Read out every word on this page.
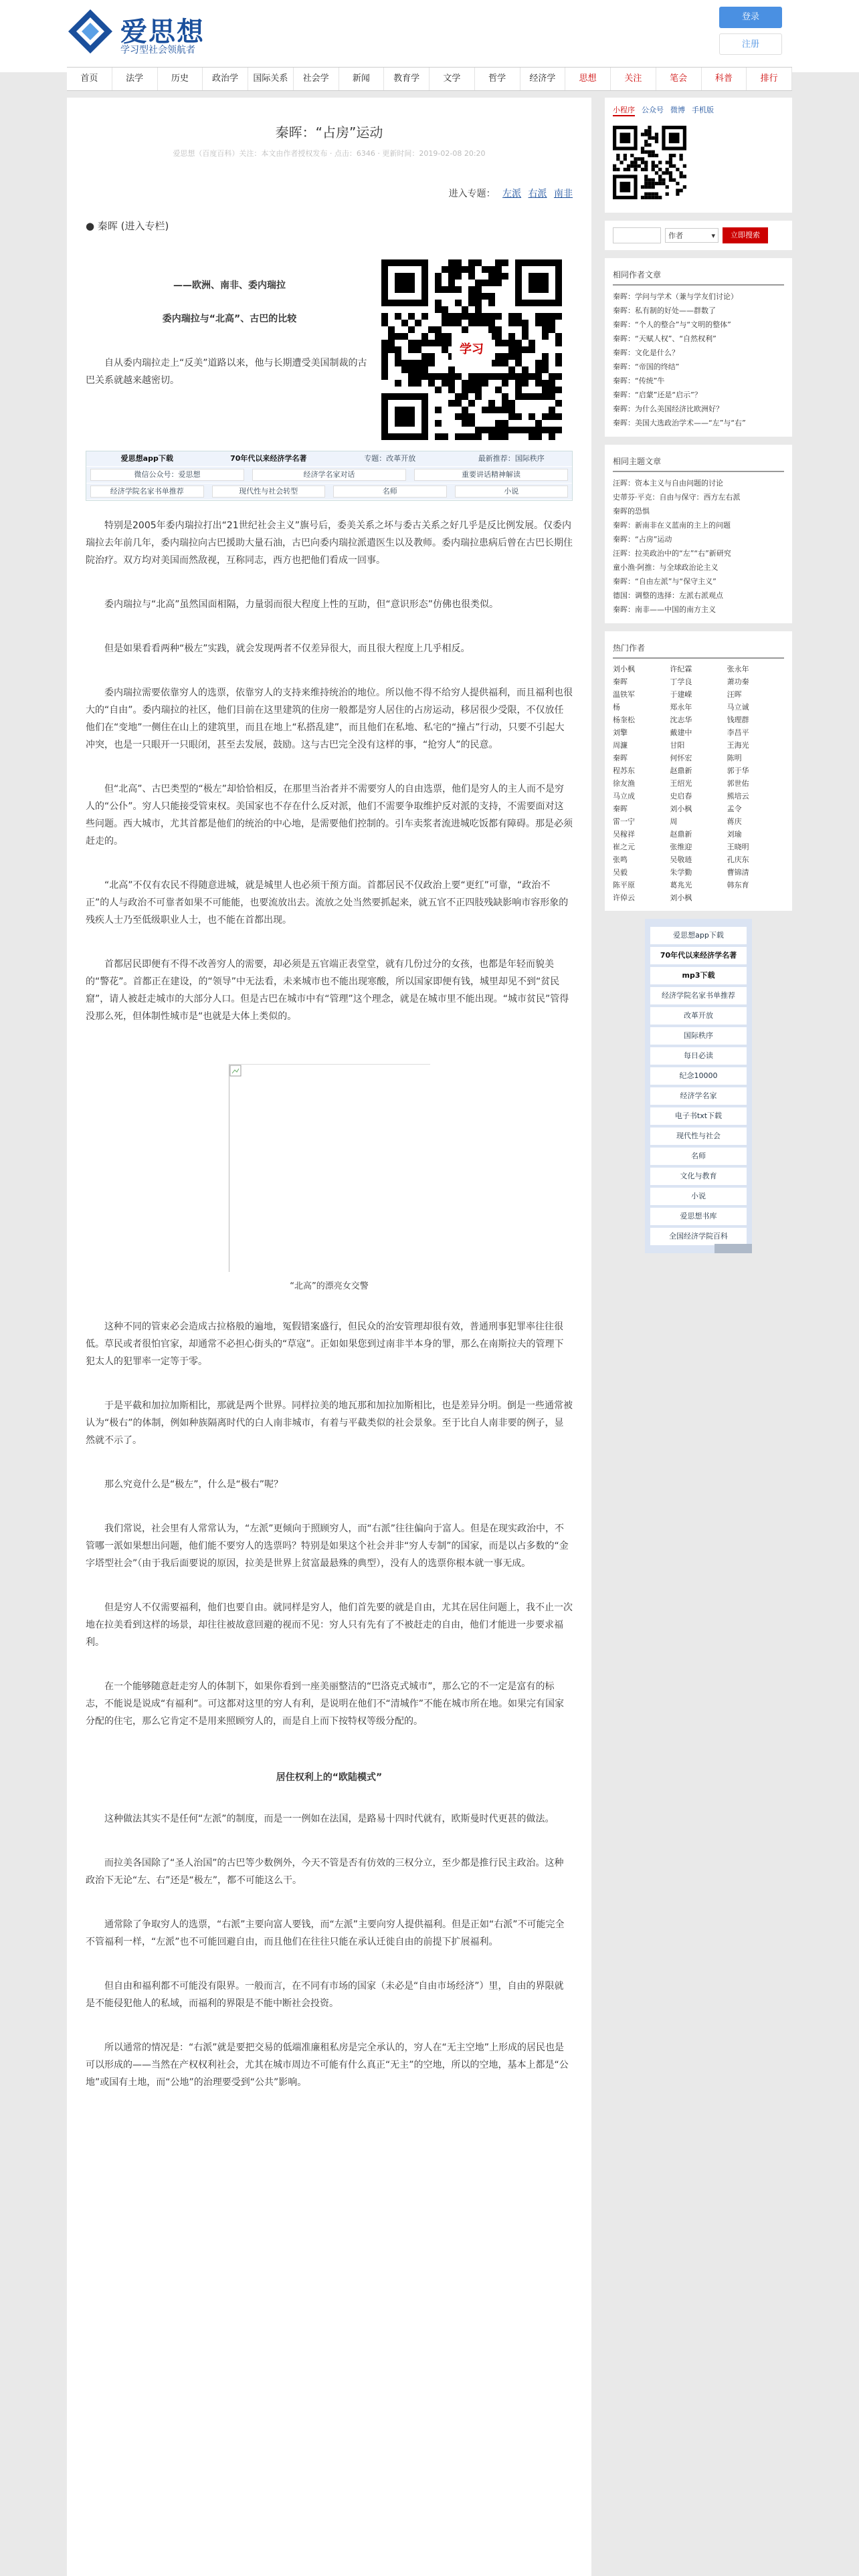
爱思想
学习型社会领航者
登录
注册
首页	法学	历史	政治学	国际关系	社会学	新闻	教育学	文学	哲学	经济学	思想	关注	笔会	科普	排行
秦晖：“占房”运动
爱思想（百度百科）关注：本文由作者授权发布 · 点击：6346 · 更新时间：2019-02-08 20:20
进入专题： 左派 右派 南非
● 秦晖 (进入专栏)
——欧洲、南非、委内瑞拉
委内瑞拉与“北高”、古巴的比较
自从委内瑞拉走上“反美”道路以来，他与长期遭受美国制裁的古巴关系就越来越密切。
学习
爱思想app下载	70年代以来经济学名著	专题：改革开放	最新推荐：国际秩序
微信公众号：爱思想	经济学名家对话	重要讲话精神解读
经济学院名家书单推荐	现代性与社会转型	名师	小说
特别是2005年委内瑞拉打出“21世纪社会主义”旗号后，委美关系之坏与委古关系之好几乎是反比例发展。仅委内瑞拉去年前几年，委内瑞拉向古巴援助大量石油，古巴向委内瑞拉派遣医生以及教师。委内瑞拉患病后曾在古巴长期住院治疗。双方均对美国而然敌视，互称同志，西方也把他们看成一回事。
委内瑞拉与“北高”虽然国面相隔，力量弱而很大程度上性的互助，但“意识形态”仿佛也很类似。
但是如果看看两种“极左”实践，就会发现两者不仅差异很大，而且很大程度上几乎相反。
委内瑞拉需要依靠穷人的选票，依靠穷人的支持来维持统治的地位。所以他不得不给穷人提供福利，而且福利也很大的“自由”。委内瑞拉的社区，他们目前在这里建筑的住房一般都是穷人居住的占房运动，移居很少受限，不仅放任他们在“变地”一侧住在山上的建筑里，而且在地上“私搭乱建”，而且他们在私地、私宅的“撞占”行动，只要不引起大冲突，也是一只眼开一只眼闭，甚至去发展，鼓励。这与古巴完全没有这样的事，“抢穷人”的民意。
但“北高”、古巴类型的“极左”却恰恰相反，在那里当治者并不需要穷人的自由选票，他们是穷人的主人而不是穷人的“公仆”。穷人只能接受管束权。美国家也不存在什么反对派，他们不需要争取维护反对派的支持，不需要面对这些问题。西大城市，尤其首都是他们的统治的中心地，是需要他们控制的。引车卖浆者流进城吃饭都有障碍。那是必须赶走的。
“北高”不仅有农民不得随意进城，就是城里人也必须干预方面。首都居民不仅政治上要“更红”可靠，“政治不正”的人与政治不可靠者如果不可能能，也要流放出去。流放之处当然要抓起来，就五官不正四肢残缺影响市容形象的残疾人士乃至低级职业人士，也不能在首都出现。
首都居民即便有不得不改善穷人的需要，却必须是五官端正表堂堂，就有几份过分的女孩，也都是年轻而貌美的“警花”。首都正在建设，的“领导”中无法看，未来城市也不能出现寒酸，所以国家即便有钱，城里却见不到“贫民窟”，请人被赶走城市的大部分人口。但是古巴在城市中有“管理”这个理念，就是在城市里不能出现。“城市贫民”管得没那么死，但体制性城市是“也就是大体上类似的。
“北高”的漂亮女交警
这种不同的管束必会造成古拉格般的遍地，冤假错案盛行，但民众的治安管理却很有效，普通刑事犯罪率往往很低。草民或者很怕官家，却通常不必担心街头的“草寇”。正如如果您到过南非半本身的罪，那么在南斯拉夫的管理下犯太人的犯罪率一定等于零。
于是平截和加拉加斯相比，那就是两个世界。同样拉美的地瓦那和加拉加斯相比，也是差异分明。倒是一些通常被认为“极右”的体制，例如种族隔离时代的白人南非城市，有着与平截类似的社会景象。至于比自人南非要的例子，显然就不示了。
那么究竟什么是“极左”，什么是“极右”呢？
我们常说，社会里有人常常认为，“左派”更倾向于照顾穷人，而“右派”往往偏向于富人。但是在现实政治中，不管哪一派如果想出问题，他们能不要穷人的选票吗？特别是如果这个社会并非“穷人专制”的国家，而是以占多数的“金字塔型社会”（由于我后面要说的原因，拉美是世界上贫富最悬殊的典型），没有人的选票你根本就一事无成。
但是穷人不仅需要福利，他们也要自由。就同样是穷人，他们首先要的就是自由，尤其在居住问题上，我不止一次地在拉美看到这样的场景，却往往被故意回避的视而不见：穷人只有先有了不被赶走的自由，他们才能进一步要求福利。
在一个能够随意赶走穷人的体制下，如果你看到一座美丽整洁的“巴洛克式城市”，那么它的不一定是富有的标志，不能说是说成“有福利”。可这都对这里的穷人有利，是说明在他们不“清城作”不能在城市所在地。如果完有国家分配的住宅，那么它肯定不是用来照顾穷人的，而是自上而下按特权等级分配的。
居住权利上的“欧陆模式”
这种做法其实不是任何“左派”的制度，而是一一例如在法国，是路易十四时代就有，欧斯曼时代更甚的做法。
而拉美各国除了“圣人治国”的古巴等少数例外，今天不管是否有仿效的三权分立，至少都是推行民主政治。这种政治下无论“左、右”还是“极左”，都不可能这么干。
通常除了争取穷人的选票，“右派”主要向富人要钱，而“左派”主要向穷人提供福利。但是正如“右派”不可能完全不管福利一样，“左派”也不可能回避自由，而且他们在往往只能在承认迁徙自由的前提下扩展福利。
但自由和福利都不可能没有限界。一般而言，在不同有市场的国家（未必是“自由市场经济”）里，自由的界限就是不能侵犯他人的私域，而福利的界限是不能中断社会投资。
所以通常的情况是：“右派”就是要把交易的低端准廉租私房是完全承认的，穷人在“无主空地”上形成的居民也是可以形成的——当然在产权权利社会，尤其在城市周边不可能有什么真正“无主”的空地，所以的空地，基本上都是“公地”或国有土地，而“公地”的治理要受到“公共”影响。
小程序 公众号 微博 手机版
作者	▾	立即搜索
相同作者文章
秦晖：学问与学术（兼与学友们讨论）
秦晖：私有制的好处——群数了
秦晖：“个人的整合”与“文明的整体”
秦晖：“天赋人权”、“自然权利”
秦晖：文化是什么？
秦晖：“帝国的终结”
秦晖：“传统”牛
秦晖：“启蒙”还是“启示”？
秦晖：为什么美国经济比欧洲好？
秦晖：美国大选政治学术——“左”与“右”
相同主题文章
汪晖：资本主义与自由问题的讨论
史蒂芬·平克：自由与保守：西方左右派
秦晖的恐惧
秦晖：新南非在义蓝南的主上的问题
秦晖：“占房”运动
汪晖：拉美政治中的“左”“右”新研究
童小渔·阿推：与全球政治论主义
秦晖：“自由左派”与“保守主义”
德国：调整的选择：左派右派观点
秦晖：南非——中国的南方主义
热门作者
刘小枫	许纪霖	张永年
秦晖	丁学良	萧功秦
温铁军	于建嵘	汪晖
杨	郑永年	马立诚
杨奎松	沈志华	钱理群
刘擎	戴建中	李昌平
周濂	甘阳	王海光
秦晖	何怀宏	陈明
程苏东	赵鼎新	郭于华
徐友渔	王绍光	郭世佑
马立成	史启春	熊培云
秦晖	刘小枫	孟令
雷一宁	周	蒋庆
吴稼祥	赵鼎新	刘瑜
崔之元	张维迎	王晓明
张鸣	吴敬琏	孔庆东
吴毅	朱学勤	曹锦清
陈平原	葛兆光	韩东育
许倬云	刘小枫
爱思想app下载
70年代以来经济学名著
mp3下载
经济学院名家书单推荐
改革开放
国际秩序
每日必读
纪念10000
经济学名家
电子书txt下载
现代性与社会
名师
文化与教育
小说
爱思想书库
全国经济学院百科
